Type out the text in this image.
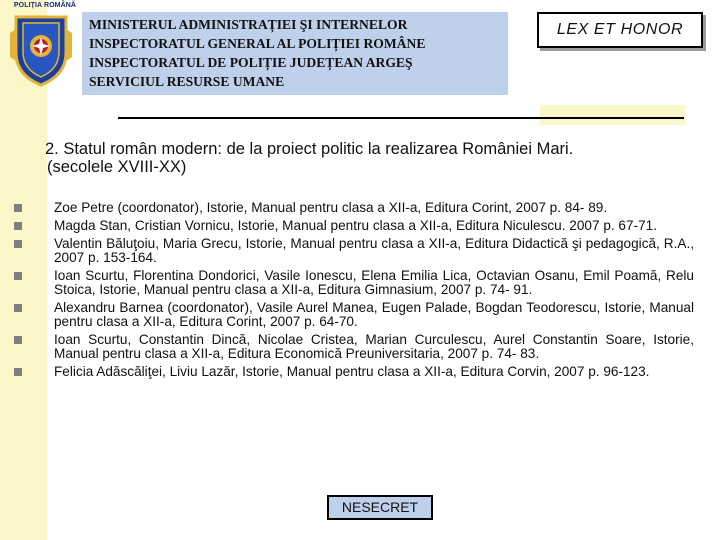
POLIȚIA ROMÂNĂ
MINISTERUL ADMINISTRAȚIEI ŞI INTERNELOR
INSPECTORATUL GENERAL AL POLIȚIEI ROMÂNE
INSPECTORATUL DE POLIȚIE JUDEȚEAN ARGEŞ
SERVICIUL RESURSE UMANE
LEX ET HONOR
2. Statul român modern: de la proiect politic la realizarea României Mari.
(secolele XVIII-XX)
Zoe Petre (coordonator), Istorie, Manual pentru clasa a XII-a, Editura Corint, 2007 p. 84- 89.
Magda Stan, Cristian Vornicu, Istorie, Manual pentru clasa a XII-a, Editura Niculescu. 2007 p. 67-71.
Valentin Băluţoiu, Maria Grecu, Istorie, Manual pentru clasa a XII-a, Editura Didactică şi pedagogică, R.A., 2007 p. 153-164.
Ioan Scurtu, Florentina Dondorici, Vasile Ionescu, Elena Emilia Lica, Octavian Osanu, Emil Poamă, Relu Stoica, Istorie, Manual pentru clasa a XII-a, Editura Gimnasium, 2007 p. 74- 91.
Alexandru Barnea (coordonator), Vasile Aurel Manea, Eugen Palade, Bogdan Teodorescu, Istorie, Manual pentru clasa a XII-a, Editura Corint, 2007 p. 64-70.
Ioan Scurtu, Constantin Dincă, Nicolae Cristea, Marian Curculescu, Aurel Constantin Soare, Istorie, Manual pentru clasa a XII-a, Editura Economică Preuniversitaria, 2007 p. 74- 83.
Felicia Adăscăliţei, Liviu Lazăr, Istorie, Manual pentru clasa a XII-a, Editura Corvin, 2007 p. 96-123.
NESECRET
